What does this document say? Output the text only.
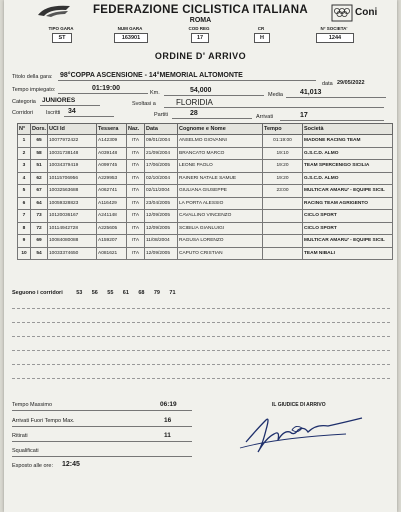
FEDERAZIONE CICLISTICA ITALIANA
ROMA
Coni
TIPO GARA
ST
NUM GARA
163901
COD REG
17
CR
H
N° SOCIETA'
1244
ORDINE D' ARRIVO
Titolo della gara: 98°COPPA ASCENSIONE - 14°MEMORIAL ALTOMONTE
data 29/05/2022
Tempo impiegato:	01:19:00
Km.	54,000
Media 41,013
Categoria JUNIORES	Svoltasi a	FLORIDIA
Corridori Iscritti 34	Partiti	28	Arrivati	17
N°	Dors.	UCI Id	Tessera	Naz.	Data	Cognome e Nome	Tempo	Società
1	65	10077972422	A142309	ITA	09/01/2004	ANSELMO GIOVANNI	01:19:00	MADONE RACING TEAM
2	58	10031738148	A039148	ITA	21/09/2004	BRANCATO MARCO	19:10	G.S.C.D. ALMO
3	51	10034379419	A099745	ITA	17/06/2005	LEONE PAOLO	19:20	TEAM SPERCENIGO SICILIA
4	62	10115706956	A229953	ITA	02/10/2004	RAINERI NATALE SAMUE	19:20	G.S.C.D. ALMO
5	67	10032563688	A062741	ITA	02/11/2004	GIULIANA GIUSEPPE	23:00	MULTICAR AMARU' - EQUIPE SICIL
6	64	10059328823	A116429	ITA	23/04/2005	LA PORTA ALESSIO		RACING TEAM AGRIGENTO
7	73	10120036167	A241148	ITA	12/09/2005	CAVALLINO VINCENZO		CICLO SPORT
8	72	10114942728	A225605	ITA	12/09/2005	SCIBILIA GIANLUIGI		CICLO SPORT
9	69	10084080088	A159207	ITA	11/08/2004	RAGUSA LORENZO		MULTICAR AMARU' - EQUIPE SICIL
10	54	10033374650	A081621	ITA	12/09/2005	CAPUTO CRISTIAN		TEAM NIBALI
Seguono i corridori 53 56 55 61 68 79 71
Tempo Massimo	06:19
Arrivati Fuori Tempo Max.	16
Ritirati	11
Squalificati
Esposto alle ore: 12:45
IL GIUDICE DI ARRIVO
